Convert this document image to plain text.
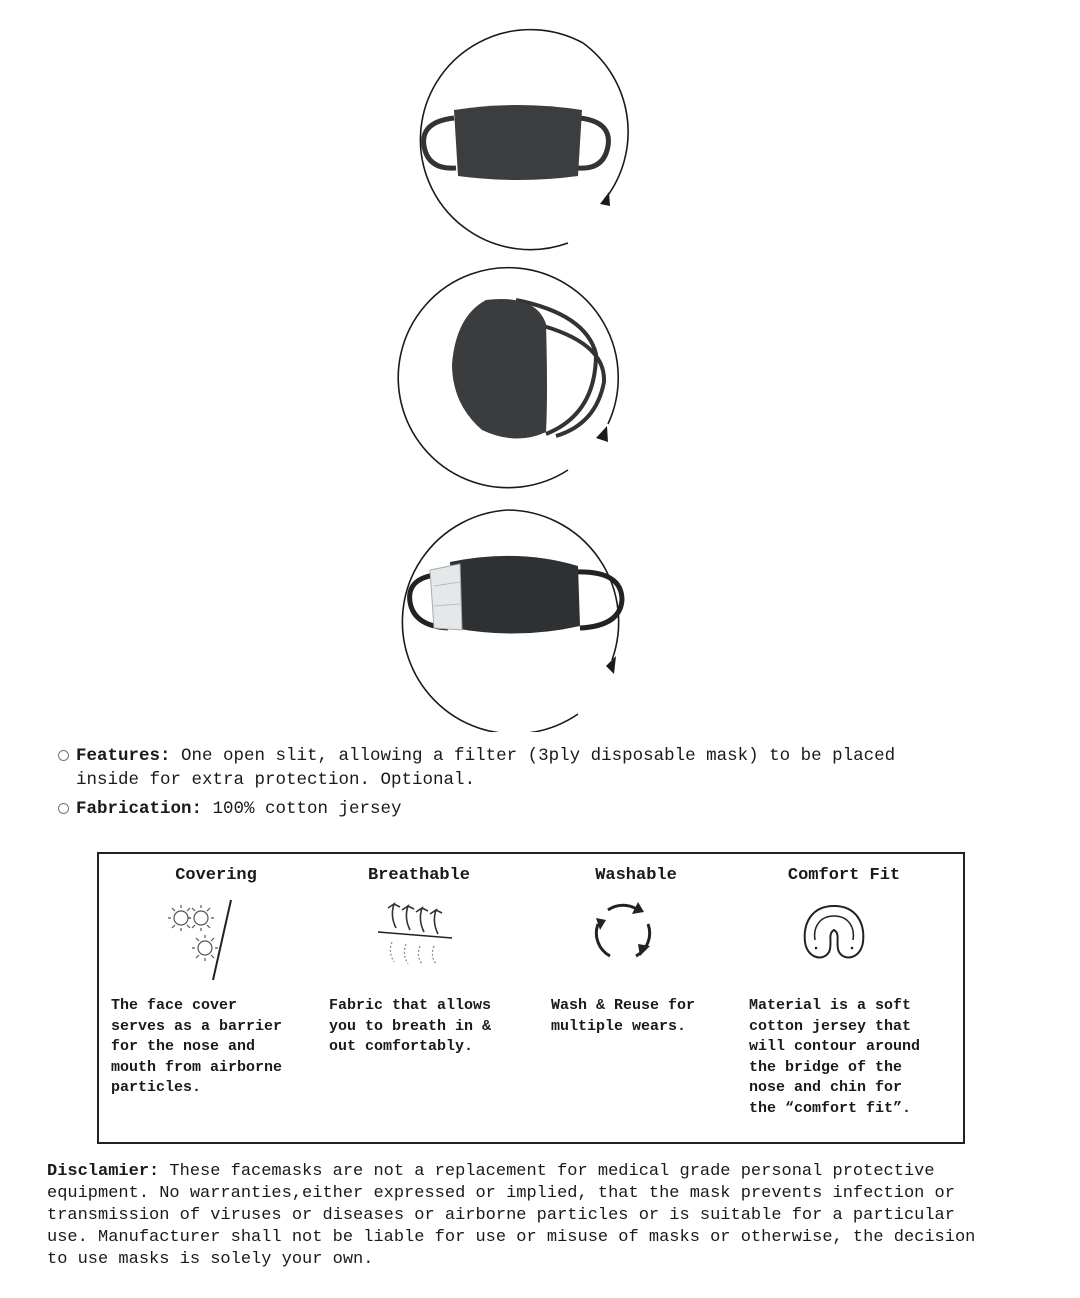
Features: One open slit, allowing a filter (3ply disposable mask) to be placed
inside for extra protection. Optional.
Fabrication: 100% cotton jersey
Covering
The face cover
serves as a barrier
for the nose and
mouth from airborne
particles.
Breathable
Fabric that allows
you to breath in &
out comfortably.
Washable
Wash & Reuse for
multiple wears.
Comfort Fit
Material is a soft
cotton jersey that
will contour around
the bridge of the
nose and chin for
the “comfort fit”.
Disclamier: These facemasks are not a replacement for medical grade personal protective
equipment. No warranties,either expressed or implied, that the mask prevents infection or
transmission of viruses or diseases or airborne particles or is suitable for a particular
use. Manufacturer shall not be liable for use or misuse of masks or otherwise, the decision
to use masks is solely your own.
